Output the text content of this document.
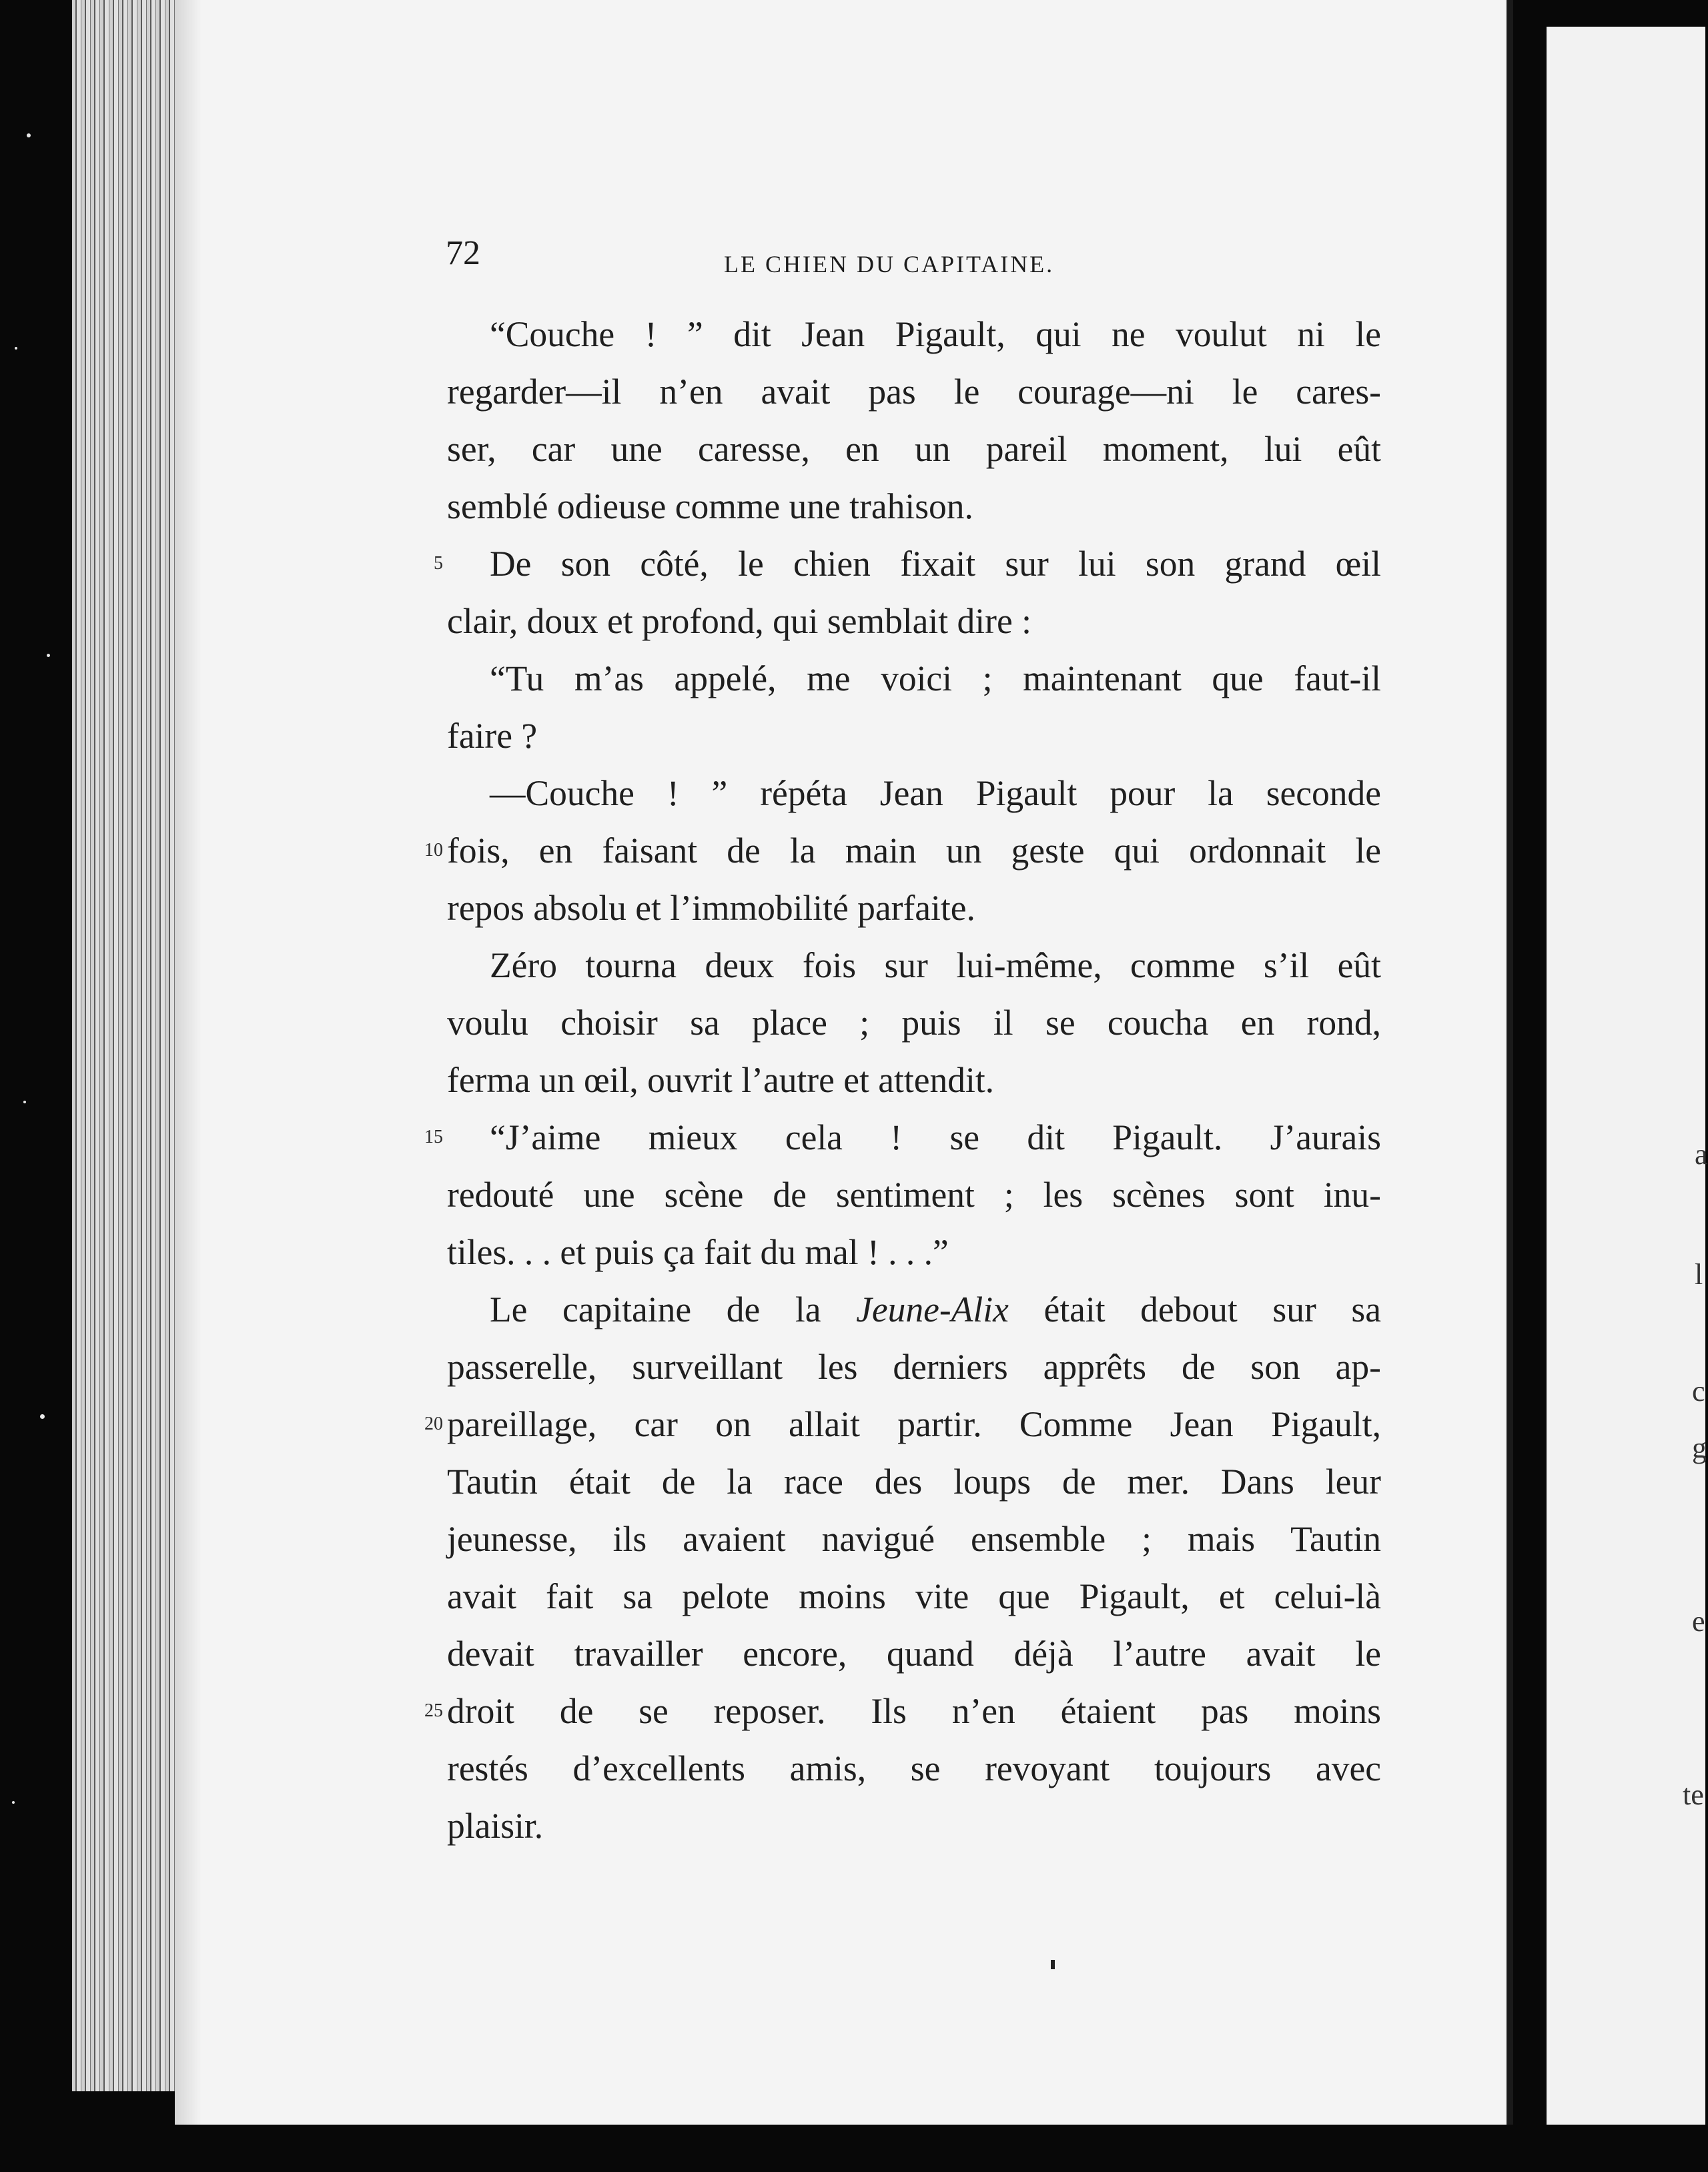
a
l
c
g
e
te
72	LE CHIEN DU CAPITAINE.
“Couche ! ” dit Jean Pigault, qui ne voulut ni le
regarder—il n’en avait pas le courage—ni le cares-
ser, car une caresse, en un pareil moment, lui eût
semblé odieuse comme une trahison.
5 De son côté, le chien fixait sur lui son grand œil
clair, doux et profond, qui semblait dire :
“Tu m’as appelé, me voici ; maintenant que faut-il
faire ?
—Couche ! ” répéta Jean Pigault pour la seconde
10 fois, en faisant de la main un geste qui ordonnait le
repos absolu et l’immobilité parfaite.
Zéro tourna deux fois sur lui-même, comme s’il eût
voulu choisir sa place ; puis il se coucha en rond,
ferma un œil, ouvrit l’autre et attendit.
15 “J’aime mieux cela ! se dit Pigault. J’aurais
redouté une scène de sentiment ; les scènes sont inu-
tiles. . . et puis ça fait du mal ! . . .”
Le capitaine de la Jeune-Alix était debout sur sa
passerelle, surveillant les derniers apprêts de son ap-
20 pareillage, car on allait partir. Comme Jean Pigault,
Tautin était de la race des loups de mer. Dans leur
jeunesse, ils avaient navigué ensemble ; mais Tautin
avait fait sa pelote moins vite que Pigault, et celui-là
devait travailler encore, quand déjà l’autre avait le
25 droit de se reposer. Ils n’en étaient pas moins
restés d’excellents amis, se revoyant toujours avec
plaisir.
